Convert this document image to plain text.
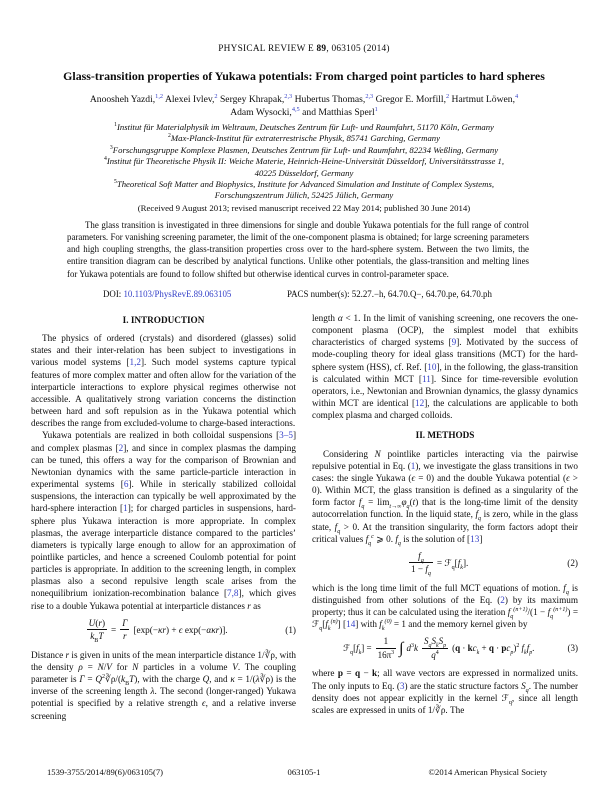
PHYSICAL REVIEW E 89, 063105 (2014)
Glass-transition properties of Yukawa potentials: From charged point particles to hard spheres
Anoosheh Yazdi,$^{1,2}$ Alexei Ivlev,$^2$ Sergey Khrapak,$^{2,3}$ Hubertus Thomas,$^{2,3}$ Gregor E. Morfill,$^2$ Hartmut Löwen,$^4$
Adam Wysocki,$^{4,5}$ and Matthias Sperl$^1$
$^1$Institut für Materialphysik im Weltraum, Deutsches Zentrum für Luft- und Raumfahrt, 51170 Köln, Germany
$^2$Max-Planck-Institut für extraterrestrische Physik, 85741 Garching, Germany
$^3$Forschungsgruppe Komplexe Plasmen, Deutsches Zentrum für Luft- und Raumfahrt, 82234 Weßling, Germany
$^4$Institut für Theoretische Physik II: Weiche Materie, Heinrich-Heine-Universität Düsseldorf, Universitätsstrasse 1,
40225 Düsseldorf, Germany
$^5$Theoretical Soft Matter and Biophysics, Institute for Advanced Simulation and Institute of Complex Systems,
Forschungszentrum Jülich, 52425 Jülich, Germany
(Received 9 August 2013; revised manuscript received 22 May 2014; published 30 June 2014)
The glass transition is investigated in three dimensions for single and double Yukawa potentials for the full range of control parameters. For vanishing screening parameter, the limit of the one-component plasma is obtained; for large screening parameters and high coupling strengths, the glass-transition properties cross over to the hard-sphere system. Between the two limits, the entire transition diagram can be described by analytical functions. Unlike other potentials, the glass-transition and melting lines for Yukawa potentials are found to follow shifted but otherwise identical curves in control-parameter space.
DOI: 10.1103/PhysRevE.89.063105	PACS number(s): 52.27.−h, 64.70.Q−, 64.70.pe, 64.70.ph
I. INTRODUCTION

The physics of ordered (crystals) and disordered (glasses) solid states and their inter-relation has been subject to investigations in various model systems [1,2]. Such model systems capture typical features of more complex matter and often allow for the variation of the interparticle interactions to explore physical regimes otherwise not accessible. A qualitatively strong variation concerns the distinction between hard and soft repulsion as in the Yukawa potential which describes the range from excluded-volume to charge-based interactions.

Yukawa potentials are realized in both colloidal suspensions [3–5] and complex plasmas [2], and since in complex plasmas the damping can be tuned, this offers a way for the comparison of Brownian and Newtonian dynamics with the same particle-particle interaction in experimental systems [6]. While in sterically stabilized colloidal suspensions, the interaction can typically be well approximated by the hard-sphere interaction [1]; for charged particles in suspensions, hard-sphere plus Yukawa interaction is more appropriate. In complex plasmas, the average interparticle distance compared to the particles’ diameters is typically large enough to allow for an approximation of pointlike particles, and hence a screened Coulomb potential for point particles is appropriate. In addition to the screening length, in complex plasmas also a second repulsive length scale arises from the nonequilibrium ionization-recombination balance [7,8], which gives rise to a double Yukawa potential at interparticle distances r as

$\frac{U(r)}{k_BT} = \frac{\Gamma}{r} [\exp(-\kappa r) + \epsilon$ exp(−ακr)].	(1)

Distance r is given in units of the mean interparticle distance 1/∛ρ, with the density ρ = N/V for N particles in a volume V. The coupling parameter is $\Gamma = Q^2∛\rho/(k_BT)$, with the charge Q, and κ = 1/(λ∛ρ) is the inverse of the screening length λ. The second (longer-ranged) Yukawa potential is specified by a relative strength ϵ, and a relative inverse screening

length α < 1. In the limit of vanishing screening, one recovers the one-component plasma (OCP), the simplest model that exhibits characteristics of charged systems [9]. Motivated by the success of mode-coupling theory for ideal glass transitions (MCT) for the hard-sphere system (HSS), cf. Ref. [10], in the following, the glass-transition is calculated within MCT [11]. Since for time-reversible evolution operators, i.e., Newtonian and Brownian dynamics, the glassy dynamics within MCT are identical [12], the calculations are applicable to both complex plasma and charged colloids.

II. METHODS

Considering N pointlike particles interacting via the pairwise repulsive potential in Eq. (1), we investigate the glass transitions in two cases: the single Yukawa (ϵ = 0) and the double Yukawa potential (ϵ > 0). Within MCT, the glass transition is defined as a singularity of the form factor $f_q = \lim_{t\to\infty}\varphi_q(t)$ that is the long-time limit of the density autocorrelation function. In the liquid state, $f_q$ is zero, while in the glass state, $f_q > 0$. At the transition singularity, the form factors adopt their critical values $f_q^c$ ⩾ 0. $f_q$ is the solution of [13]

$\frac{f_q}{1 - f_q}$ = $ℱ_q[f_k]$.	(2)

which is the long time limit of the full MCT equations of motion. $f_q$ is distinguished from other solutions of the Eq. (2) by its maximum property; thus it can be calculated using the iteration $f_q^{(n+1)}/(1 - f_q^{(n+1)})$ = $ℱ_q[f_k^{(n)}]$ [14] with $f_k^{(0)} = 1$ and the memory kernel given by

$ℱ_q[f_k] = \frac{1}{16\pi^3}$ ∫ $d^3k \frac{S_qS_kS_p}{q^4} (q \cdot kc_k + q \cdot pc_p)^2$ $f_kf_p$.	(3)

where p = q − k; all wave vectors are expressed in normalized units. The only inputs to Eq. (3) are the static structure factors $S_q$. The number density does not appear explicitly in the kernel ℱ$_q$, since all length scales are expressed in units of 1/∛ρ. The

1539-3755/2014/89(6)/063105(7)	063105-1	©2014 American Physical Society
